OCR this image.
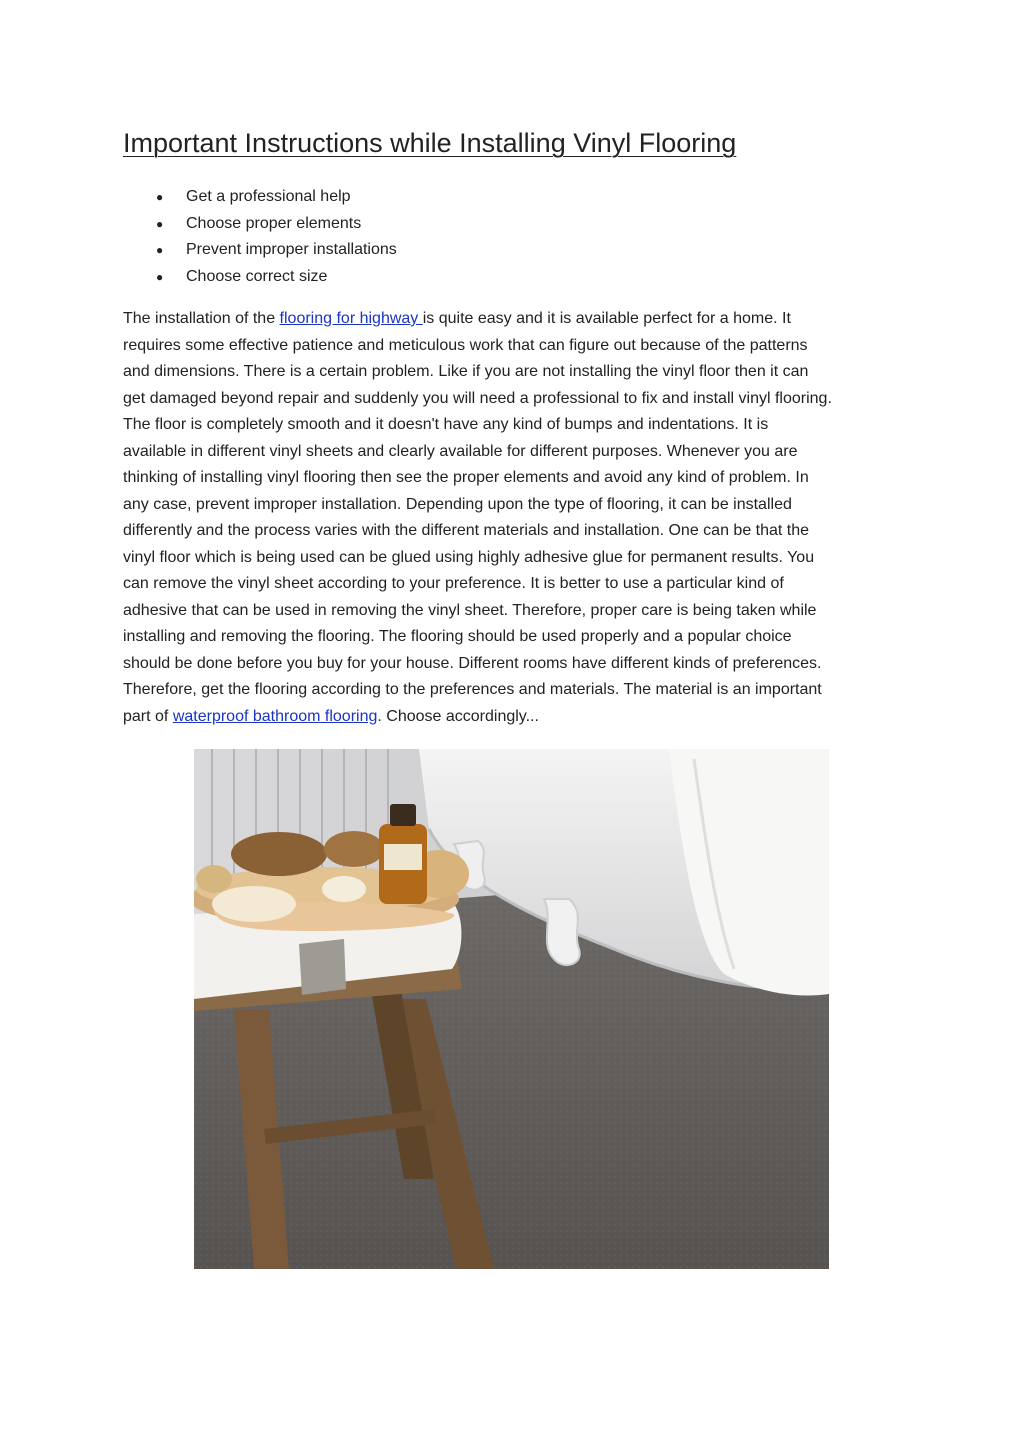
Important Instructions while Installing Vinyl Flooring
● Get a professional help
● Choose proper elements
● Prevent improper installations
● Choose correct size
The installation of the flooring for highway is quite easy and it is available perfect for a home. It
requires some effective patience and meticulous work that can figure out because of the patterns
and dimensions. There is a certain problem. Like if you are not installing the vinyl floor then it can
get damaged beyond repair and suddenly you will need a professional to fix and install vinyl flooring.
The floor is completely smooth and it doesn't have any kind of bumps and indentations. It is
available in different vinyl sheets and clearly available for different purposes. Whenever you are
thinking of installing vinyl flooring then see the proper elements and avoid any kind of problem. In
any case, prevent improper installation. Depending upon the type of flooring, it can be installed
differently and the process varies with the different materials and installation. One can be that the
vinyl floor which is being used can be glued using highly adhesive glue for permanent results. You
can remove the vinyl sheet according to your preference. It is better to use a particular kind of
adhesive that can be used in removing the vinyl sheet. Therefore, proper care is being taken while
installing and removing the flooring. The flooring should be used properly and a popular choice
should be done before you buy for your house. Different rooms have different kinds of preferences.
Therefore, get the flooring according to the preferences and materials. The material is an important
part of waterproof bathroom flooring. Choose accordingly...
